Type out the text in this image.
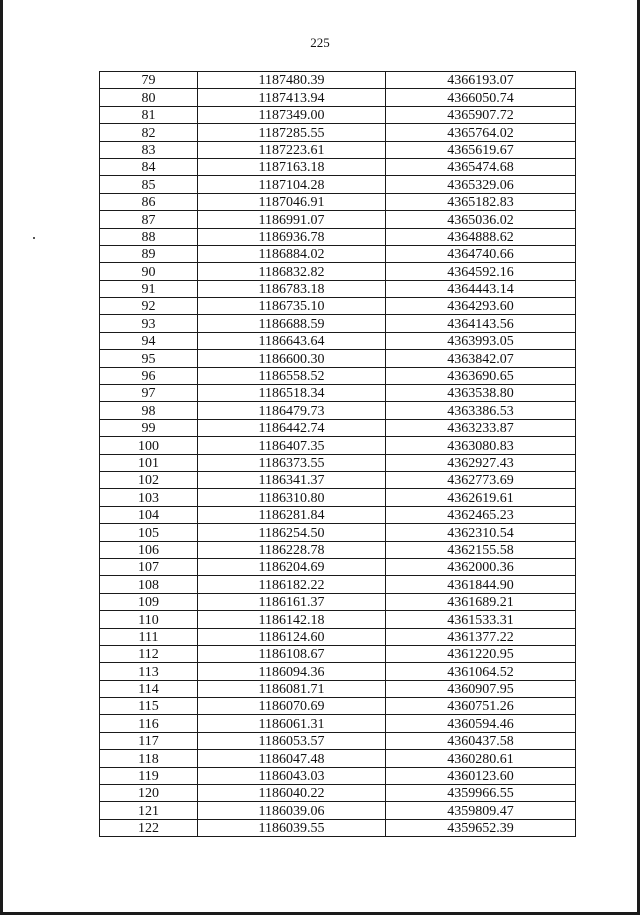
225
79	1187480.39	4366193.07
80	1187413.94	4366050.74
81	1187349.00	4365907.72
82	1187285.55	4365764.02
83	1187223.61	4365619.67
84	1187163.18	4365474.68
85	1187104.28	4365329.06
86	1187046.91	4365182.83
87	1186991.07	4365036.02
88	1186936.78	4364888.62
89	1186884.02	4364740.66
90	1186832.82	4364592.16
91	1186783.18	4364443.14
92	1186735.10	4364293.60
93	1186688.59	4364143.56
94	1186643.64	4363993.05
95	1186600.30	4363842.07
96	1186558.52	4363690.65
97	1186518.34	4363538.80
98	1186479.73	4363386.53
99	1186442.74	4363233.87
100	1186407.35	4363080.83
101	1186373.55	4362927.43
102	1186341.37	4362773.69
103	1186310.80	4362619.61
104	1186281.84	4362465.23
105	1186254.50	4362310.54
106	1186228.78	4362155.58
107	1186204.69	4362000.36
108	1186182.22	4361844.90
109	1186161.37	4361689.21
110	1186142.18	4361533.31
111	1186124.60	4361377.22
112	1186108.67	4361220.95
113	1186094.36	4361064.52
114	1186081.71	4360907.95
115	1186070.69	4360751.26
116	1186061.31	4360594.46
117	1186053.57	4360437.58
118	1186047.48	4360280.61
119	1186043.03	4360123.60
120	1186040.22	4359966.55
121	1186039.06	4359809.47
122	1186039.55	4359652.39
